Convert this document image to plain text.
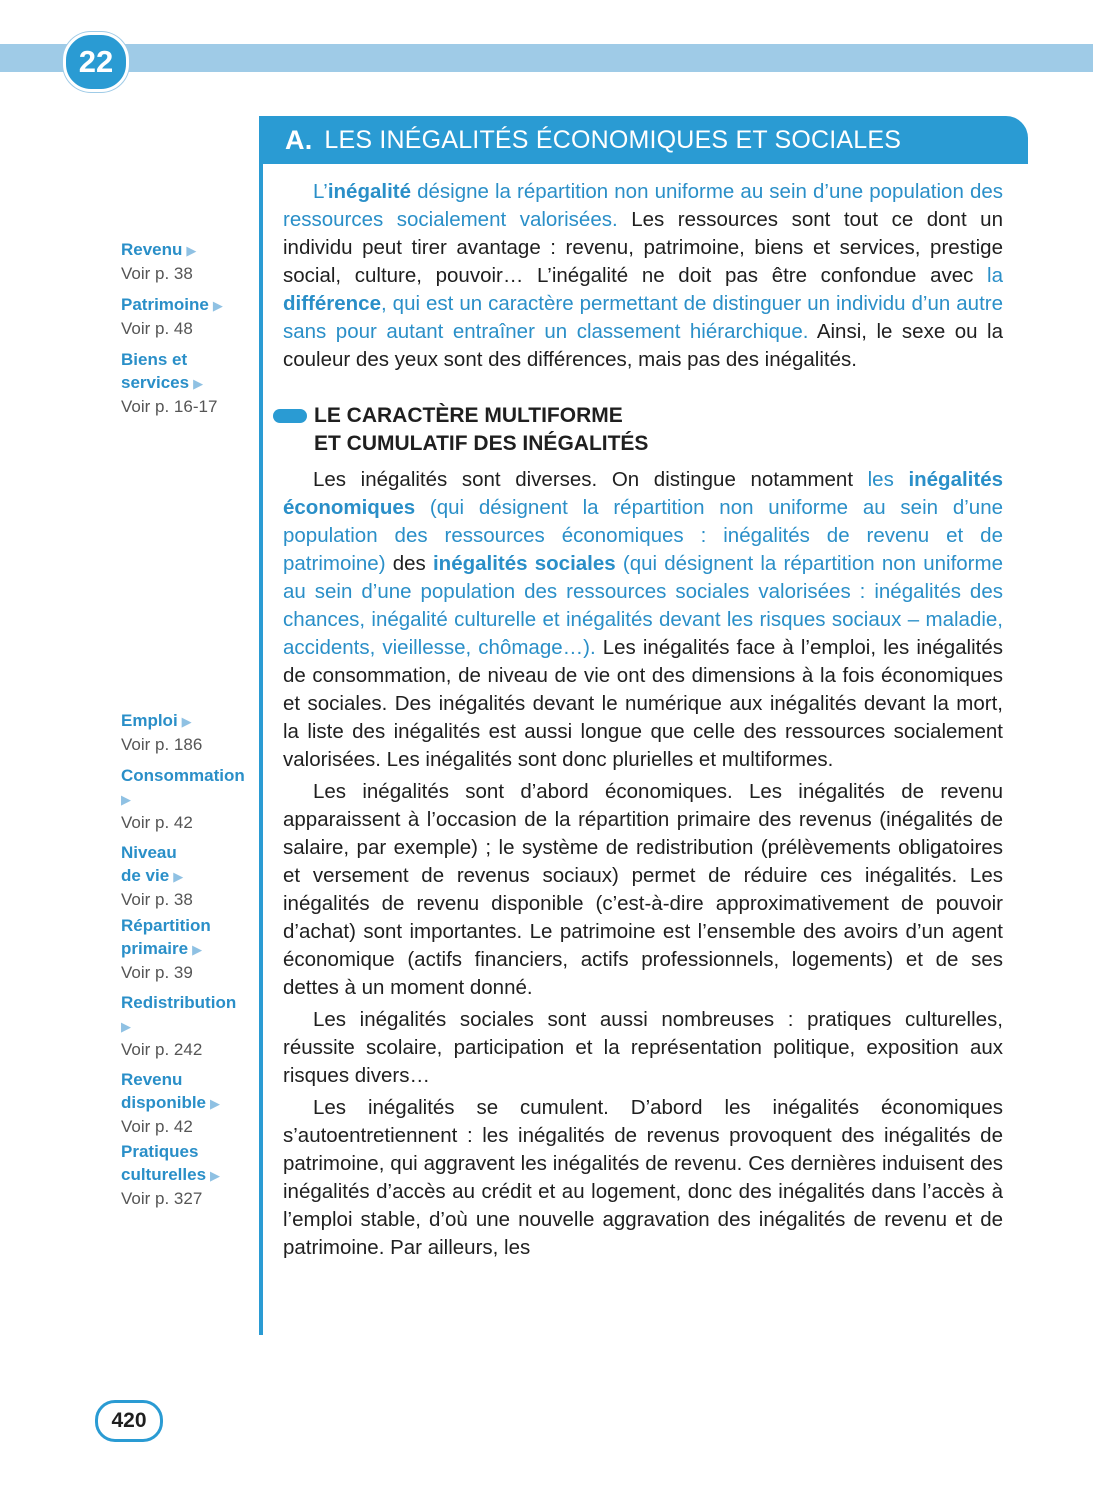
22
A. LES INÉGALITÉS ÉCONOMIQUES ET SOCIALES
Revenu ▶
Voir p. 38
Patrimoine ▶
Voir p. 48
Biens et services ▶
Voir p. 16-17
Emploi ▶
Voir p. 186
Consommation
▶
Voir p. 42
Niveau de vie ▶
Voir p. 38
Répartition primaire ▶
Voir p. 39
Redistribution
▶
Voir p. 242
Revenu disponible ▶
Voir p. 42
Pratiques culturelles ▶
Voir p. 327

L’inégalité désigne la répartition non uniforme au sein d’une population des ressources socialement valorisées. Les ressources sont tout ce dont un individu peut tirer avantage : revenu, patrimoine, biens et services, prestige social, culture, pouvoir… L’inégalité ne doit pas être confondue avec la différence, qui est un caractère permettant de distinguer un individu d’un autre sans pour autant entraîner un classement hiérarchique. Ainsi, le sexe ou la couleur des yeux sont des différences, mais pas des inégalités.

LE CARACTÈRE MULTIFORME
ET CUMULATIF DES INÉGALITÉS

Les inégalités sont diverses. On distingue notamment les inégalités économiques (qui désignent la répartition non uniforme au sein d’une population des ressources économiques : inégalités de revenu et de patrimoine) des inégalités sociales (qui désignent la répartition non uniforme au sein d’une population des ressources sociales valorisées : inégalités des chances, inégalité culturelle et inégalités devant les risques sociaux – maladie, accidents, vieillesse, chômage…). Les inégalités face à l’emploi, les inégalités de consommation, de niveau de vie ont des dimensions à la fois économiques et sociales. Des inégalités devant le numérique aux inégalités devant la mort, la liste des inégalités est aussi longue que celle des ressources socialement valorisées. Les inégalités sont donc plurielles et multiformes.

Les inégalités sont d’abord économiques. Les inégalités de revenu apparaissent à l’occasion de la répartition primaire des revenus (inégalités de salaire, par exemple) ; le système de redistribution (prélèvements obligatoires et versement de revenus sociaux) permet de réduire ces inégalités. Les inégalités de revenu disponible (c’est-à-dire approximativement de pouvoir d’achat) sont importantes. Le patrimoine est l’ensemble des avoirs d’un agent économique (actifs financiers, actifs professionnels, logements) et de ses dettes à un moment donné.

Les inégalités sociales sont aussi nombreuses : pratiques culturelles, réussite scolaire, participation et la représentation politique, exposition aux risques divers…

Les inégalités se cumulent. D’abord les inégalités économiques s’autoentretiennent : les inégalités de revenus provoquent des inégalités de patrimoine, qui aggravent les inégalités de revenu. Ces dernières induisent des inégalités d’accès au crédit et au logement, donc des inégalités dans l’accès à l’emploi stable, d’où une nouvelle aggravation des inégalités de revenu et de patrimoine. Par ailleurs, les

420
